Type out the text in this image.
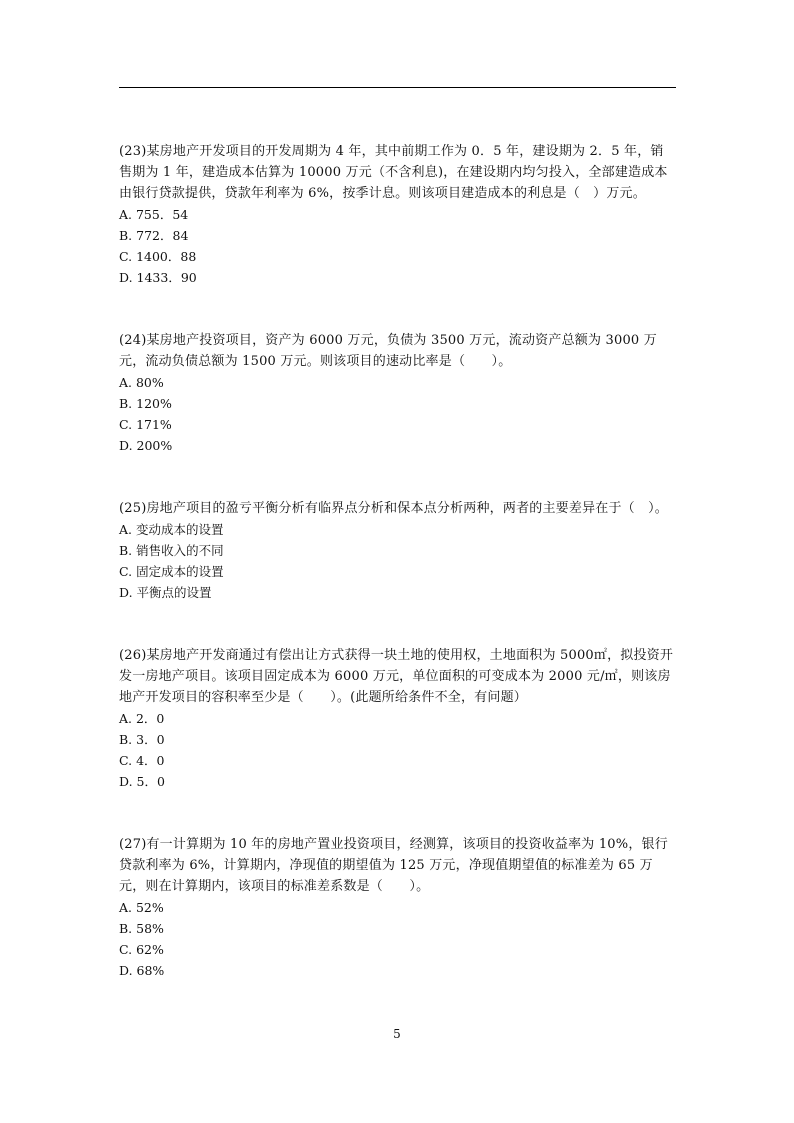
(23)某房地产开发项目的开发周期为 4 年，其中前期工作为 0．5 年，建设期为 2．5 年，销售期为 1 年，建造成本估算为 10000 万元（不含利息)，在建设期内均匀投入，全部建造成本由银行贷款提供，贷款年利率为 6%，按季计息。则该项目建造成本的利息是（　）万元。

A. 755．54
B. 772．84
C. 1400．88
D. 1433．90

(24)某房地产投资项目，资产为 6000 万元，负债为 3500 万元，流动资产总额为 3000 万元，流动负债总额为 1500 万元。则该项目的速动比率是（　　）。

A. 80%
B. 120%
C. 171%
D. 200%

(25)房地产项目的盈亏平衡分析有临界点分析和保本点分析两种，两者的主要差异在于（　）。

A. 变动成本的设置
B. 销售收入的不同
C. 固定成本的设置
D. 平衡点的设置

(26)某房地产开发商通过有偿出让方式获得一块土地的使用权，土地面积为 5000㎡，拟投资开发一房地产项目。该项目固定成本为 6000 万元，单位面积的可变成本为 2000 元/㎡，则该房地产开发项目的容积率至少是（　　）。(此题所给条件不全，有问题）

A. 2．0
B. 3．0
C. 4．0
D. 5．0

(27)有一计算期为 10 年的房地产置业投资项目，经测算，该项目的投资收益率为 10%，银行贷款利率为 6%，计算期内，净现值的期望值为 125 万元，净现值期望值的标准差为 65 万元，则在计算期内，该项目的标准差系数是（　　）。

A. 52%
B. 58%
C. 62%
D. 68%
5
